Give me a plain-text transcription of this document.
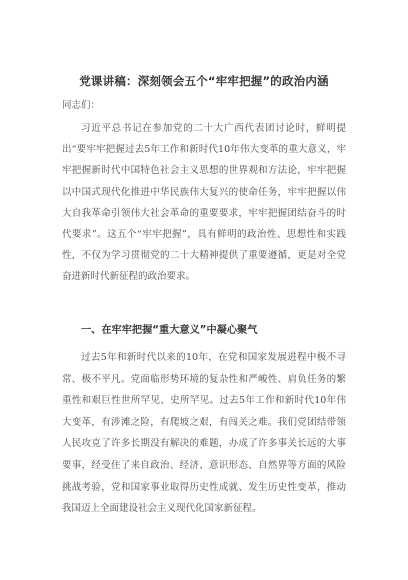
党课讲稿：深刻领会五个“牢牢把握”的政治内涵
同志们：
习近平总书记在参加党的二十大广西代表团讨论时，鲜明提出“要牢牢把握过去5年工作和新时代10年伟大变革的重大意义，牢牢把握新时代中国特色社会主义思想的世界观和方法论，牢牢把握以中国式现代化推进中华民族伟大复兴的使命任务，牢牢把握以伟大自我革命引领伟大社会革命的重要要求，牢牢把握团结奋斗的时代要求”。这五个“牢牢把握”，具有鲜明的政治性、思想性和实践性，不仅为学习贯彻党的二十大精神提供了重要遵循，更是对全党奋进新时代新征程的政治要求。
一、在牢牢把握“重大意义”中凝心聚气
过去5年和新时代以来的10年，在党和国家发展进程中极不寻常、极不平凡。党面临形势环境的复杂性和严峻性、肩负任务的繁重性和艰巨性世所罕见、史所罕见。过去5年工作和新时代10年伟大变革，有涉滩之险，有爬坡之艰，有闯关之难。我们党团结带领人民攻克了许多长期没有解决的难题，办成了许多事关长远的大事要事，经受住了来自政治、经济、意识形态、自然界等方面的风险挑战考验，党和国家事业取得历史性成就、发生历史性变革，推动我国迈上全面建设社会主义现代化国家新征程。
